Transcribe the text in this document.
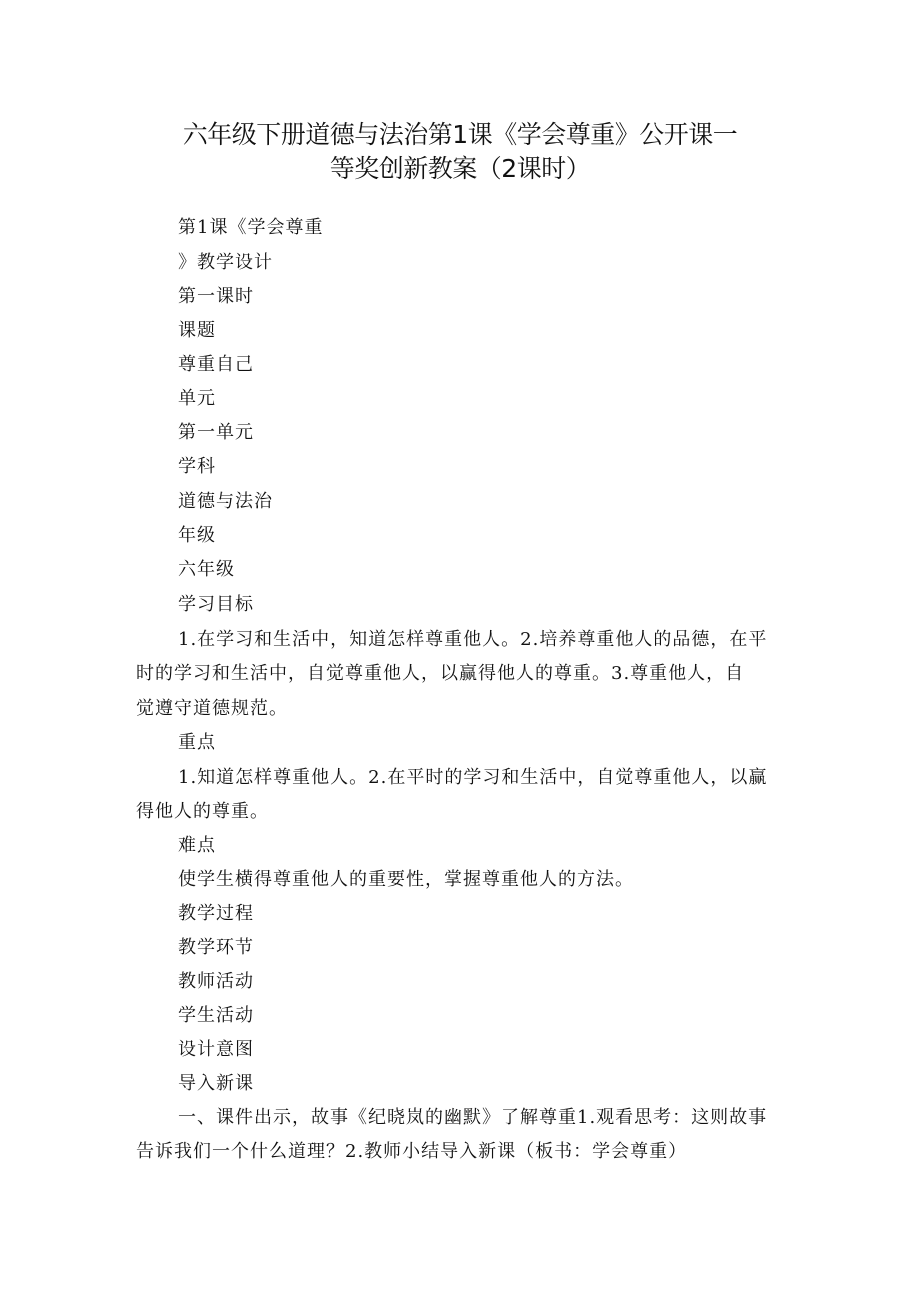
六年级下册道德与法治第1课《学会尊重》公开课一
等奖创新教案（2课时）
第1课《学会尊重
》教学设计
第一课时
课题
尊重自己
单元
第一单元
学科
道德与法治
年级
六年级
学习目标
1.在学习和生活中，知道怎样尊重他人。2.培养尊重他人的品德，在平
时的学习和生活中，自觉尊重他人，以赢得他人的尊重。3.尊重他人，自
觉遵守道德规范。
重点
1.知道怎样尊重他人。2.在平时的学习和生活中，自觉尊重他人，以赢
得他人的尊重。
难点
使学生横得尊重他人的重要性，掌握尊重他人的方法。
教学过程
教学环节
教师活动
学生活动
设计意图
导入新课
一、课件出示，故事《纪晓岚的幽默》了解尊重1.观看思考：这则故事
告诉我们一个什么道理？2.教师小结导入新课（板书：学会尊重）
